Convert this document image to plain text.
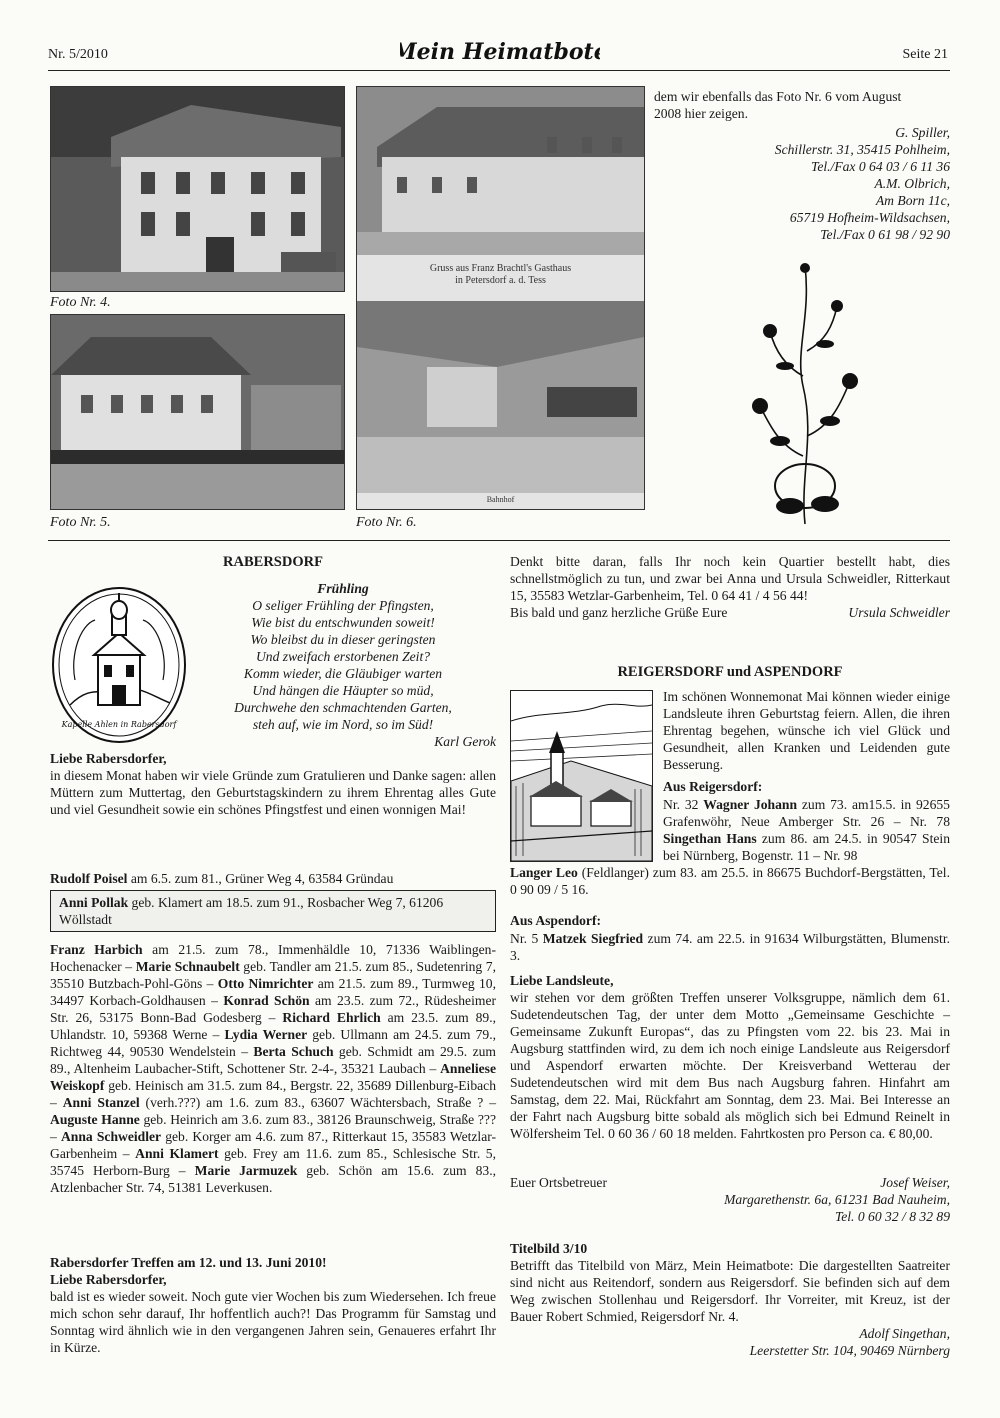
Nr. 5/2010	Mein Heimatbote	Seite 21
Foto Nr. 4.
Foto Nr. 5.
Gruss aus Franz Brachtl's Gasthaus
in Petersdorf a. d. Tess
Bahnhof
Foto Nr. 6.

dem wir ebenfalls das Foto Nr. 6 vom August

2008 hier zeigen.

G. Spiller,

Schillerstr. 31, 35415 Pohlheim,

Tel./Fax 0 64 03 / 6 11 36

A.M. Olbrich,

Am Born 11c,

65719 Hofheim-Wildsachsen,

Tel./Fax 0 61 98 / 92 90

RABERSDORF
Kapelle Ahlen in Rabersdorf

Frühling

O seliger Frühling der Pfingsten,

Wie bist du entschwunden soweit!

Wo bleibst du in dieser geringsten

Und zweifach erstorbenen Zeit?

Komm wieder, die Gläubiger warten

Und hängen die Häupter so müd,

Durchwehe den schmachtenden Garten,

steh auf, wie im Nord, so im Süd!

Karl Gerok

Liebe Rabersdorfer,

in diesem Monat haben wir viele Gründe zum Gratulieren und Danke sagen: allen Müttern zum Muttertag, den Geburtstagskindern zu ihrem Ehrentag alles Gute und viel Gesundheit sowie ein schönes Pfingstfest und einen wonnigen Mai!

Rudolf Poisel am 6.5. zum 81., Grüner Weg 4, 63584 Gründau
Anni Pollak geb. Klamert am 18.5. zum 91., Rosbacher Weg 7, 61206 Wöllstadt
Franz Harbich am 21.5. zum 78., Immenhäldle 10, 71336 Waiblingen-Hochenacker – Marie Schnaubelt geb. Tandler am 21.5. zum 85., Sudetenring 7, 35510 Butzbach-Pohl-Göns – Otto Nimrichter am 21.5. zum 89., Turmweg 10, 34497 Korbach-Goldhausen – Konrad Schön am 23.5. zum 72., Rüdesheimer Str. 26, 53175 Bonn-Bad Godesberg – Richard Ehrlich am 23.5. zum 89., Uhlandstr. 10, 59368 Werne – Lydia Werner geb. Ullmann am 24.5. zum 79., Richtweg 44, 90530 Wendelstein – Berta Schuch geb. Schmidt am 29.5. zum 89., Altenheim Laubacher-Stift, Schottener Str. 2-4-, 35321 Laubach – Anneliese Weiskopf geb. Heinisch am 31.5. zum 84., Bergstr. 22, 35689 Dillenburg-Eibach – Anni Stanzel (verh.???) am 1.6. zum 83., 63607 Wächtersbach, Straße ? – Auguste Hanne geb. Heinrich am 3.6. zum 83., 38126 Braunschweig, Straße ??? – Anna Schweidler geb. Korger am 4.6. zum 87., Ritterkaut 15, 35583 Wetzlar-Garbenheim – Anni Klamert geb. Frey am 11.6. zum 85., Schlesische Str. 5, 35745 Herborn-Burg – Marie Jarmuzek geb. Schön am 15.6. zum 83., Atzlenbacher Str. 74, 51381 Leverkusen.

Rabersdorfer Treffen am 12. und 13. Juni 2010!

Liebe Rabersdorfer,

bald ist es wieder soweit. Noch gute vier Wochen bis zum Wiedersehen. Ich freue mich schon sehr darauf, Ihr hoffentlich auch?! Das Programm für Samstag und Sonntag wird ähnlich wie in den vergangenen Jahren sein, Genaueres erfahrt Ihr in Kürze.

Denkt bitte daran, falls Ihr noch kein Quartier bestellt habt, dies schnellstmöglich zu tun, und zwar bei Anna und Ursula Schweidler, Ritterkaut 15, 35583 Wetzlar-Garbenheim, Tel. 0 64 41 / 4 56 44!
Bis bald und ganz herzliche Grüße Eure	Ursula Schweidler
REIGERSDORF und ASPENDORF
Im schönen Wonnemonat Mai können wieder einige Landsleute ihren Geburtstag feiern. Allen, die ihren Ehrentag begehen, wünsche ich viel Glück und Gesundheit, allen Kranken und Leidenden gute Besserung.
Aus Reigersdorf:
Nr. 32 Wagner Johann zum 73. am15.5. in 92655 Grafenwöhr, Neue Amberger Str. 26 – Nr. 78 Singethan Hans zum 86. am 24.5. in 90547 Stein bei Nürnberg, Bogenstr. 11 – Nr. 98
Langer Leo (Feldlanger) zum 83. am 25.5. in 86675 Buchdorf-Bergstätten, Tel. 0 90 09 / 5 16.
Aus Aspendorf:
Nr. 5 Matzek Siegfried zum 74. am 22.5. in 91634 Wilburgstätten, Blumenstr. 3.

Liebe Landsleute,

wir stehen vor dem größten Treffen unserer Volksgruppe, nämlich dem 61. Sudetendeutschen Tag, der unter dem Motto „Gemeinsame Geschichte – Gemeinsame Zukunft Europas“, das zu Pfingsten vom 22. bis 23. Mai in Augsburg stattfinden wird, zu dem ich noch einige Landsleute aus Reigersdorf und Aspendorf erwarten möchte. Der Kreisverband Wetterau der Sudetendeutschen wird mit dem Bus nach Augsburg fahren. Hinfahrt am Samstag, dem 22. Mai, Rückfahrt am Sonntag, dem 23. Mai. Bei Interesse an der Fahrt nach Augsburg bitte sobald als möglich sich bei Edmund Reinelt in Wölfersheim Tel. 0 60 36 / 60 18 melden. Fahrtkosten pro Person ca. € 80,00.

Euer Ortsbetreuer	Josef Weiser,

Margarethenstr. 6a, 61231 Bad Nauheim,

Tel. 0 60 32 / 8 32 89

Titelbild 3/10
Betrifft das Titelbild von März, Mein Heimatbote: Die dargestellten Saatreiter sind nicht aus Reitendorf, sondern aus Reigersdorf. Sie befinden sich auf dem Weg zwischen Stollenhau und Reigersdorf. Ihr Vorreiter, mit Kreuz, ist der Bauer Robert Schmied, Reigersdorf Nr. 4.

Adolf Singethan,

Leerstetter Str. 104, 90469 Nürnberg
